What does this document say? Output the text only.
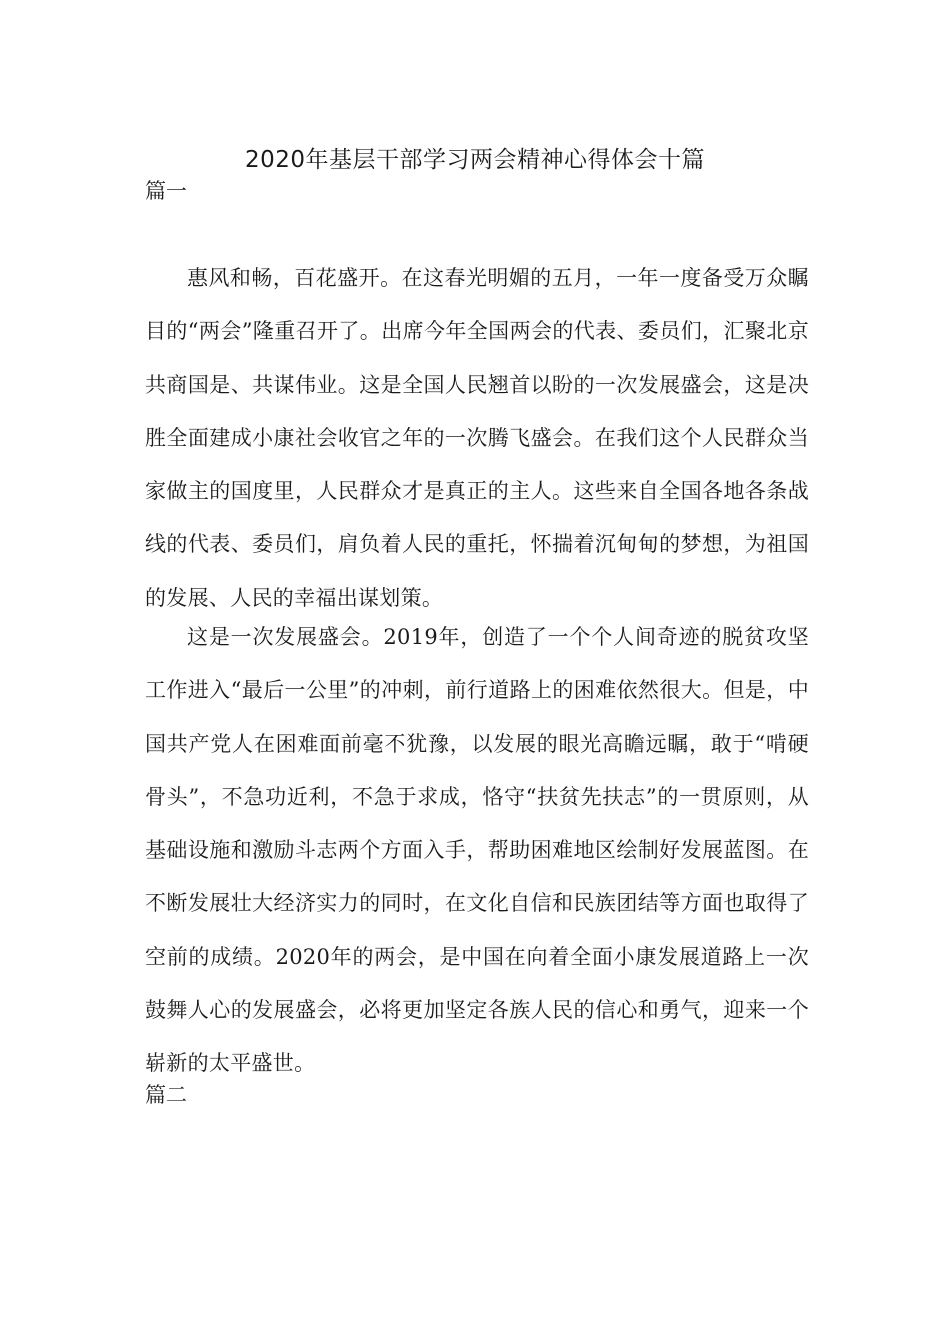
2020年基层干部学习两会精神心得体会十篇

篇一

惠风和畅，百花盛开。在这春光明媚的五月，一年一度备受万众瞩目的“两会”隆重召开了。出席今年全国两会的代表、委员们，汇聚北京共商国是、共谋伟业。这是全国人民翘首以盼的一次发展盛会，这是决胜全面建成小康社会收官之年的一次腾飞盛会。在我们这个人民群众当家做主的国度里，人民群众才是真正的主人。这些来自全国各地各条战线的代表、委员们，肩负着人民的重托，怀揣着沉甸甸的梦想，为祖国的发展、人民的幸福出谋划策。

这是一次发展盛会。2019年，创造了一个个人间奇迹的脱贫攻坚工作进入“最后一公里”的冲刺，前行道路上的困难依然很大。但是，中国共产党人在困难面前毫不犹豫，以发展的眼光高瞻远瞩，敢于“啃硬骨头”，不急功近利，不急于求成，恪守“扶贫先扶志”的一贯原则，从基础设施和激励斗志两个方面入手，帮助困难地区绘制好发展蓝图。在不断发展壮大经济实力的同时，在文化自信和民族团结等方面也取得了空前的成绩。2020年的两会，是中国在向着全面小康发展道路上一次鼓舞人心的发展盛会，必将更加坚定各族人民的信心和勇气，迎来一个崭新的太平盛世。

篇二
